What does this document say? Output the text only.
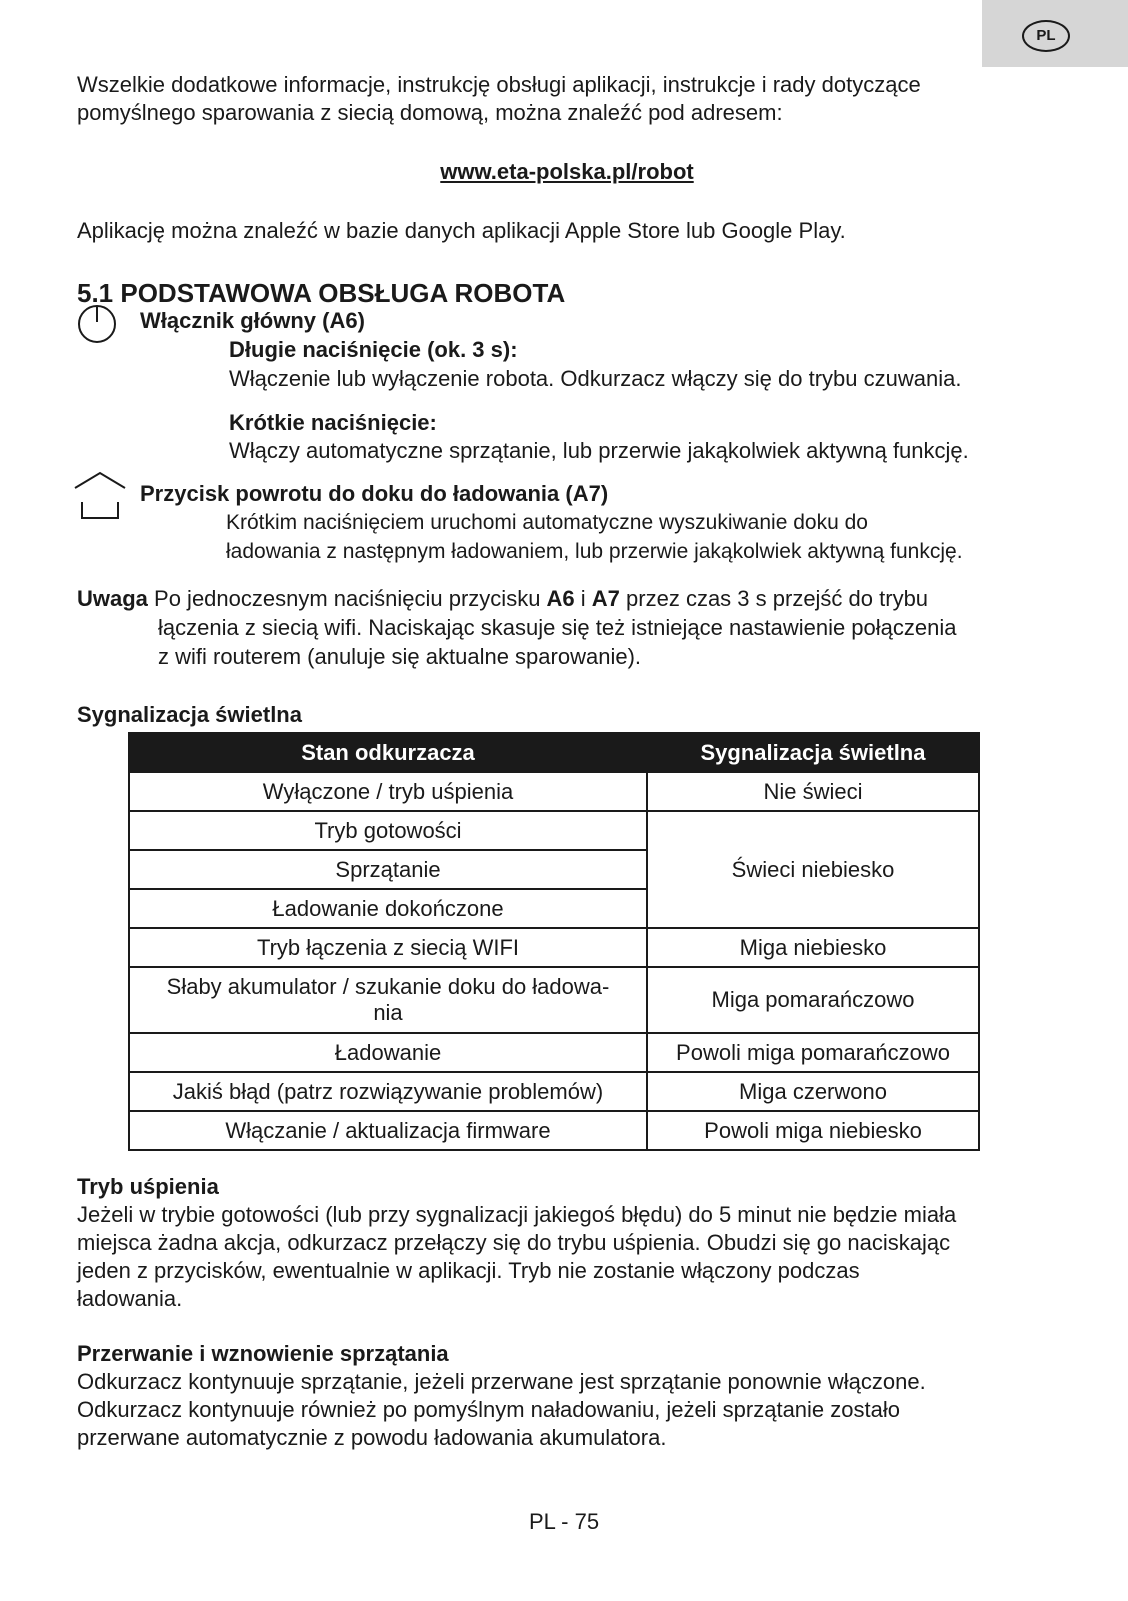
PL

Wszelkie dodatkowe informacje, instrukcję obsługi aplikacji, instrukcje i rady dotyczące

pomyślnego sparowania z siecią domową, można znaleźć pod adresem:

www.eta-polska.pl/robot

Aplikację można znaleźć w bazie danych aplikacji Apple Store lub Google Play.

5.1 PODSTAWOWA OBSŁUGA ROBOTA

Włącznik główny (A6)

Długie naciśnięcie (ok. 3 s):

Włączenie lub wyłączenie robota. Odkurzacz włączy się do trybu czuwania.

Krótkie naciśnięcie:

Włączy automatyczne sprzątanie, lub przerwie jakąkolwiek aktywną funkcję.

Przycisk powrotu do doku do ładowania (A7)

Krótkim naciśnięciem uruchomi automatyczne wyszukiwanie doku do

ładowania z następnym ładowaniem, lub przerwie jakąkolwiek aktywną funkcję.

Uwaga Po jednoczesnym naciśnięciu przycisku A6 i A7 przez czas 3 s przejść do trybu

łączenia z siecią wifi. Naciskając skasuje się też istniejące nastawienie połączenia

z wifi routerem (anuluje się aktualne sparowanie).

Sygnalizacja świetlna

Stan odkurzacza	Sygnalizacja świetlna
Wyłączone / tryb uśpienia	Nie świeci
Tryb gotowości	Świeci niebiesko
Sprzątanie	
Ładowanie dokończone	
Tryb łączenia z siecią WIFI	Miga niebiesko
Słaby akumulator / szukanie doku do ładowa-
nia	Miga pomarańczowo
Ładowanie	Powoli miga pomarańczowo
Jakiś błąd (patrz rozwiązywanie problemów)	Miga czerwono
Włączanie / aktualizacja firmware	Powoli miga niebiesko

Tryb uśpienia

Jeżeli w trybie gotowości (lub przy sygnalizacji jakiegoś błędu) do 5 minut nie będzie miała

miejsca żadna akcja, odkurzacz przełączy się do trybu uśpienia. Obudzi się go naciskając

jeden z przycisków, ewentualnie w aplikacji. Tryb nie zostanie włączony podczas

ładowania.

Przerwanie i wznowienie sprzątania

Odkurzacz kontynuuje sprzątanie, jeżeli przerwane jest sprzątanie ponownie włączone.

Odkurzacz kontynuuje również po pomyślnym naładowaniu, jeżeli sprzątanie zostało

przerwane automatycznie z powodu ładowania akumulatora.

PL - 75
